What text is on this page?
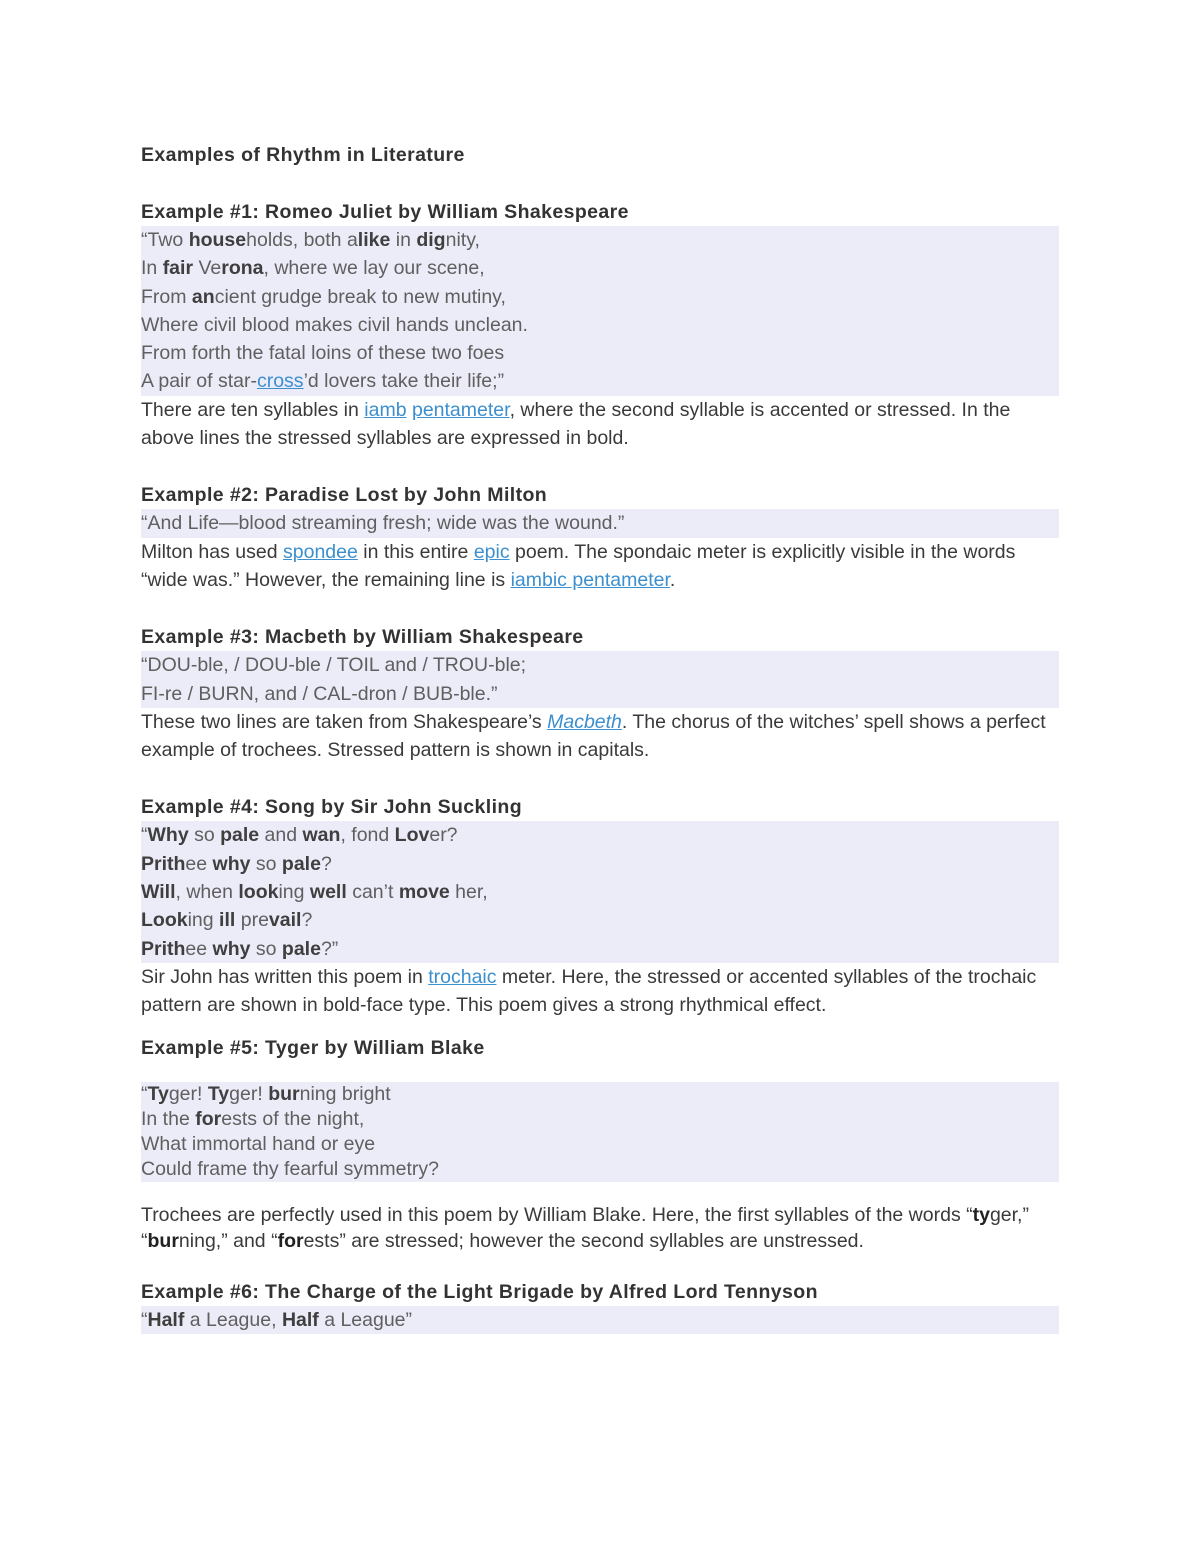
Examples of Rhythm in Literature
Example #1: Romeo Juliet by William Shakespeare

“Two households, both alike in dignity,

In fair Verona, where we lay our scene,

From ancient grudge break to new mutiny,

Where civil blood makes civil hands unclean.

From forth the fatal loins of these two foes

A pair of star-cross’d lovers take their life;”

There are ten syllables in iamb pentameter, where the second syllable is accented or stressed. In the above lines the stressed syllables are expressed in bold.

Example #2: Paradise Lost by John Milton

“And Life—blood streaming fresh; wide was the wound.”

Milton has used spondee in this entire epic poem. The spondaic meter is explicitly visible in the words “wide was.” However, the remaining line is iambic pentameter.

Example #3: Macbeth by William Shakespeare

“DOU-ble, / DOU-ble / TOIL and / TROU-ble;

FI-re / BURN, and / CAL-dron / BUB-ble.”

These two lines are taken from Shakespeare’s Macbeth. The chorus of the witches’ spell shows a perfect example of trochees. Stressed pattern is shown in capitals.

Example #4: Song by Sir John Suckling

“Why so pale and wan, fond Lover?

Prithee why so pale?

Will, when looking well can’t move her,

Looking ill prevail?

Prithee why so pale?”

Sir John has written this poem in trochaic meter. Here, the stressed or accented syllables of the trochaic pattern are shown in bold-face type. This poem gives a strong rhythmical effect.

Example #5: Tyger by William Blake

“Tyger! Tyger! burning bright

In the forests of the night,

What immortal hand or eye

Could frame thy fearful symmetry?

Trochees are perfectly used in this poem by William Blake. Here, the first syllables of the words “tyger,” “burning,” and “forests” are stressed; however the second syllables are unstressed.

Example #6: The Charge of the Light Brigade by Alfred Lord Tennyson

“Half a League, Half a League”
